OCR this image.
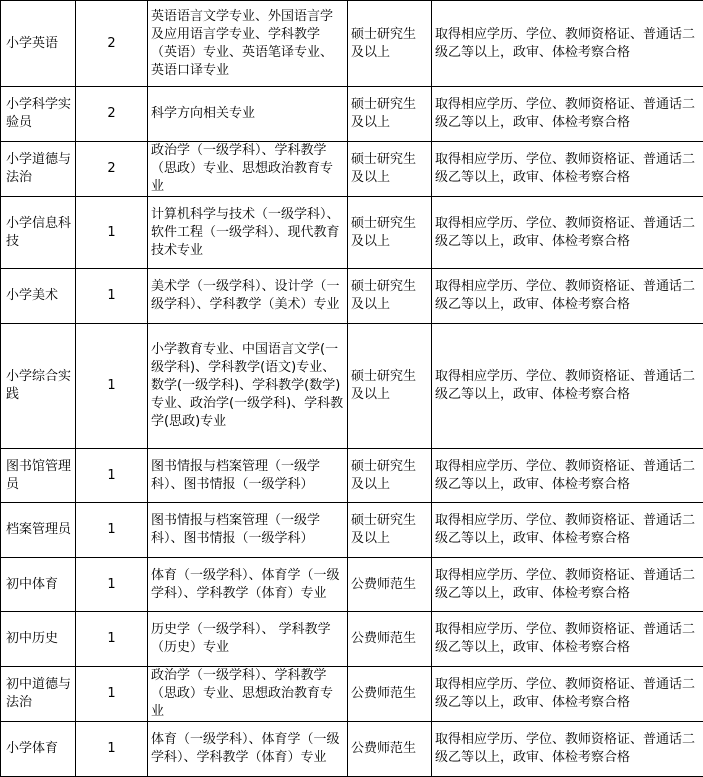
小学英语	2	英语语言文学专业、外国语言学及应用语言学专业、学科教学（英语）专业、英语笔译专业、英语口译专业	硕士研究生及以上	取得相应学历、学位、教师资格证、普通话二级乙等以上，政审、体检考察合格
小学科学实验员	2	科学方向相关专业	硕士研究生及以上	取得相应学历、学位、教师资格证、普通话二级乙等以上，政审、体检考察合格
小学道德与法治	2	政治学（一级学科）、学科教学（思政）专业、思想政治教育专业	硕士研究生及以上	取得相应学历、学位、教师资格证、普通话二级乙等以上，政审、体检考察合格
小学信息科技	1	计算机科学与技术（一级学科）、软件工程（一级学科）、现代教育技术专业	硕士研究生及以上	取得相应学历、学位、教师资格证、普通话二级乙等以上，政审、体检考察合格
小学美术	1	美术学（一级学科）、设计学（一级学科）、学科教学（美术）专业	硕士研究生及以上	取得相应学历、学位、教师资格证、普通话二级乙等以上，政审、体检考察合格
小学综合实践	1	小学教育专业、中国语言文学(一级学科)、学科教学(语文)专业、数学(一级学科)、学科教学(数学)专业、政治学(一级学科)、学科教学(思政)专业	硕士研究生及以上	取得相应学历、学位、教师资格证、普通话二级乙等以上，政审、体检考察合格
图书馆管理员	1	图书情报与档案管理（一级学科）、图书情报（一级学科）	硕士研究生及以上	取得相应学历、学位、教师资格证、普通话二级乙等以上，政审、体检考察合格
档案管理员	1	图书情报与档案管理（一级学科）、图书情报（一级学科）	硕士研究生及以上	取得相应学历、学位、教师资格证、普通话二级乙等以上，政审、体检考察合格
初中体育	1	体育（一级学科）、体育学（一级学科）、学科教学（体育）专业	公费师范生	取得相应学历、学位、教师资格证、普通话二级乙等以上，政审、体检考察合格
初中历史	1	历史学（一级学科）、 学科教学（历史）专业	公费师范生	取得相应学历、学位、教师资格证、普通话二级乙等以上，政审、体检考察合格
初中道德与法治	1	政治学（一级学科）、学科教学（思政）专业、思想政治教育专业	公费师范生	取得相应学历、学位、教师资格证、普通话二级乙等以上，政审、体检考察合格
小学体育	1	体育（一级学科）、体育学（一级学科）、学科教学（体育）专业	公费师范生	取得相应学历、学位、教师资格证、普通话二级乙等以上，政审、体检考察合格
